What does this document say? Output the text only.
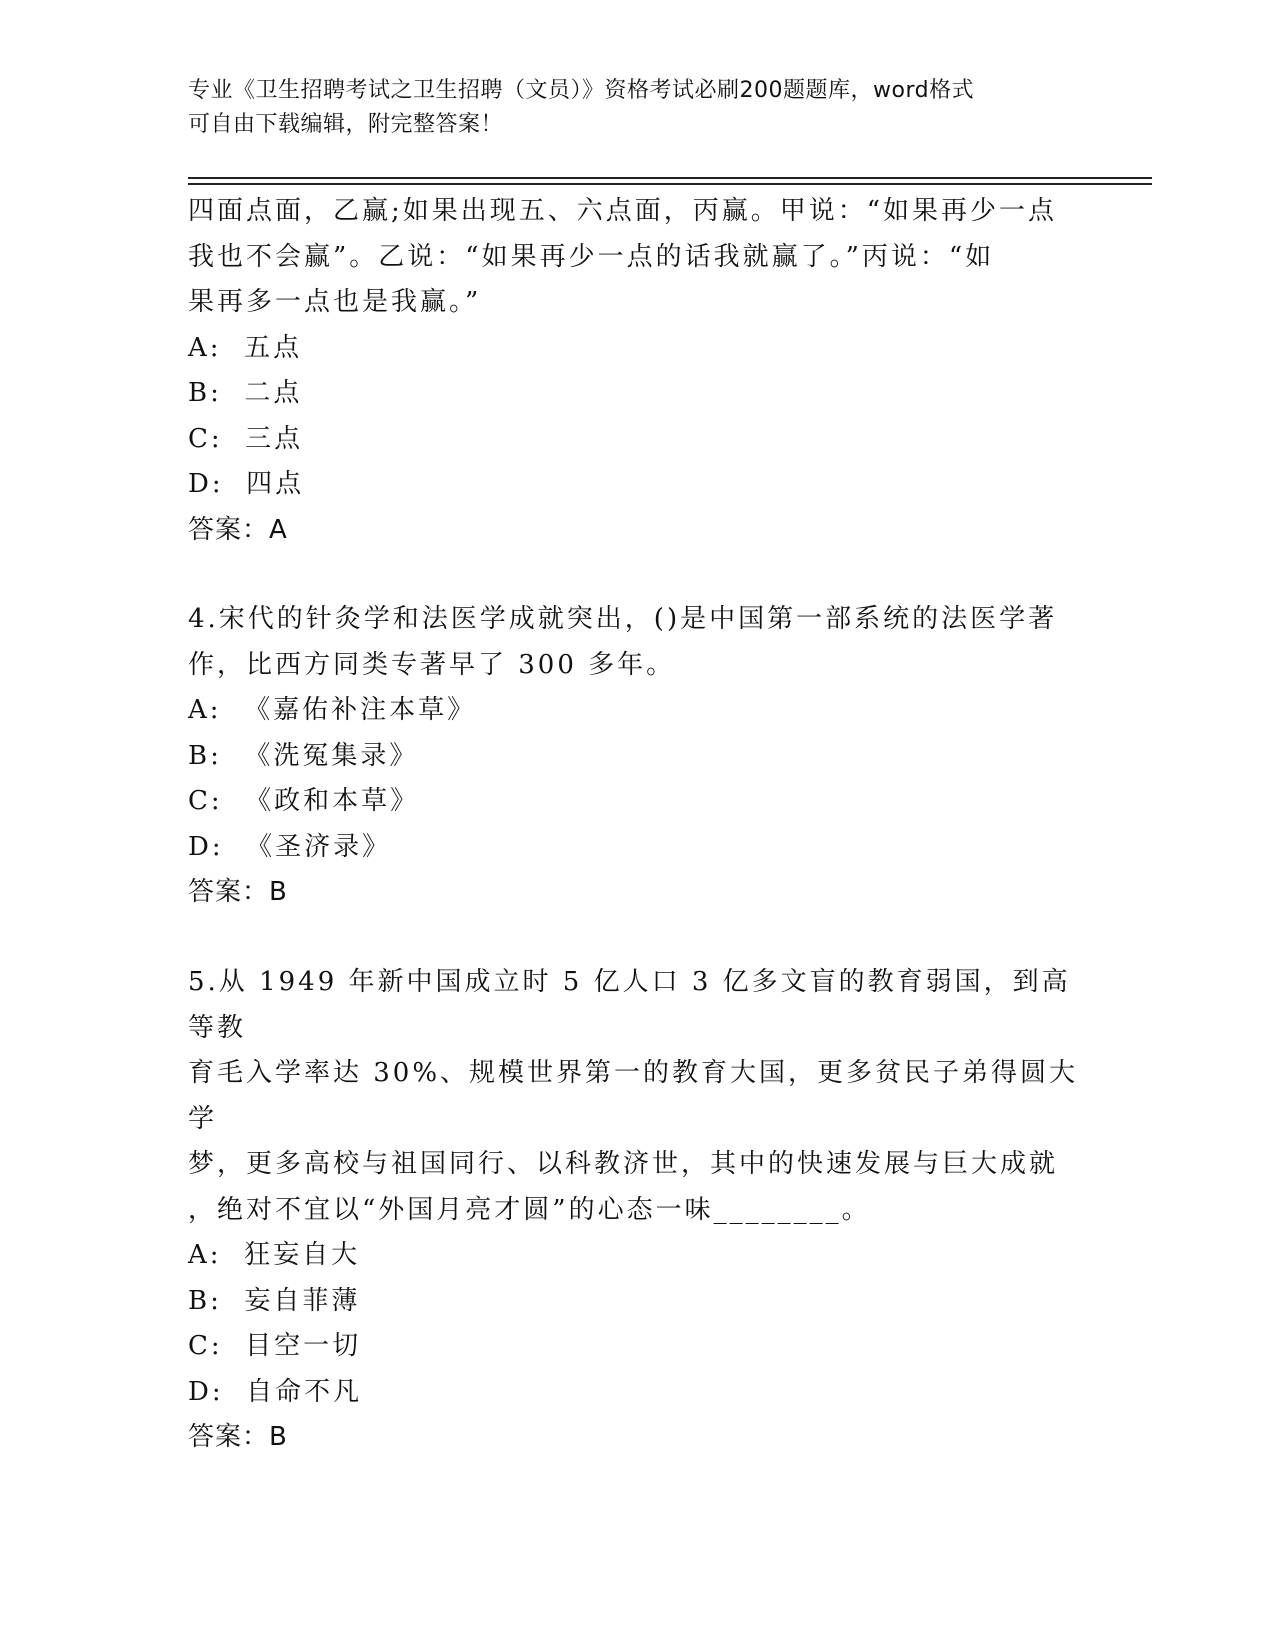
专业《卫生招聘考试之卫生招聘（文员）》资格考试必刷200题题库，word格式
可自由下载编辑，附完整答案！
四面点面，乙赢;如果出现五、六点面，丙赢。甲说：“如果再少一点
我也不会赢”。乙说：“如果再少一点的话我就赢了。”丙说：“如
果再多一点也是我赢。”
A:  五点
B:  二点
C:  三点
D:  四点
答案：A
4.宋代的针灸学和法医学成就突出，()是中国第一部系统的法医学著
作，比西方同类专著早了 300 多年。
A:  《嘉佑补注本草》
B:  《洗冤集录》
C:  《政和本草》
D:  《圣济录》
答案：B
5.从 1949 年新中国成立时 5 亿人口 3 亿多文盲的教育弱国，到高等教
育毛入学率达 30%、规模世界第一的教育大国，更多贫民子弟得圆大学
梦，更多高校与祖国同行、以科教济世，其中的快速发展与巨大成就
，绝对不宜以“外国月亮才圆”的心态一味________。
A:  狂妄自大
B:  妄自菲薄
C:  目空一切
D:  自命不凡
答案：B
